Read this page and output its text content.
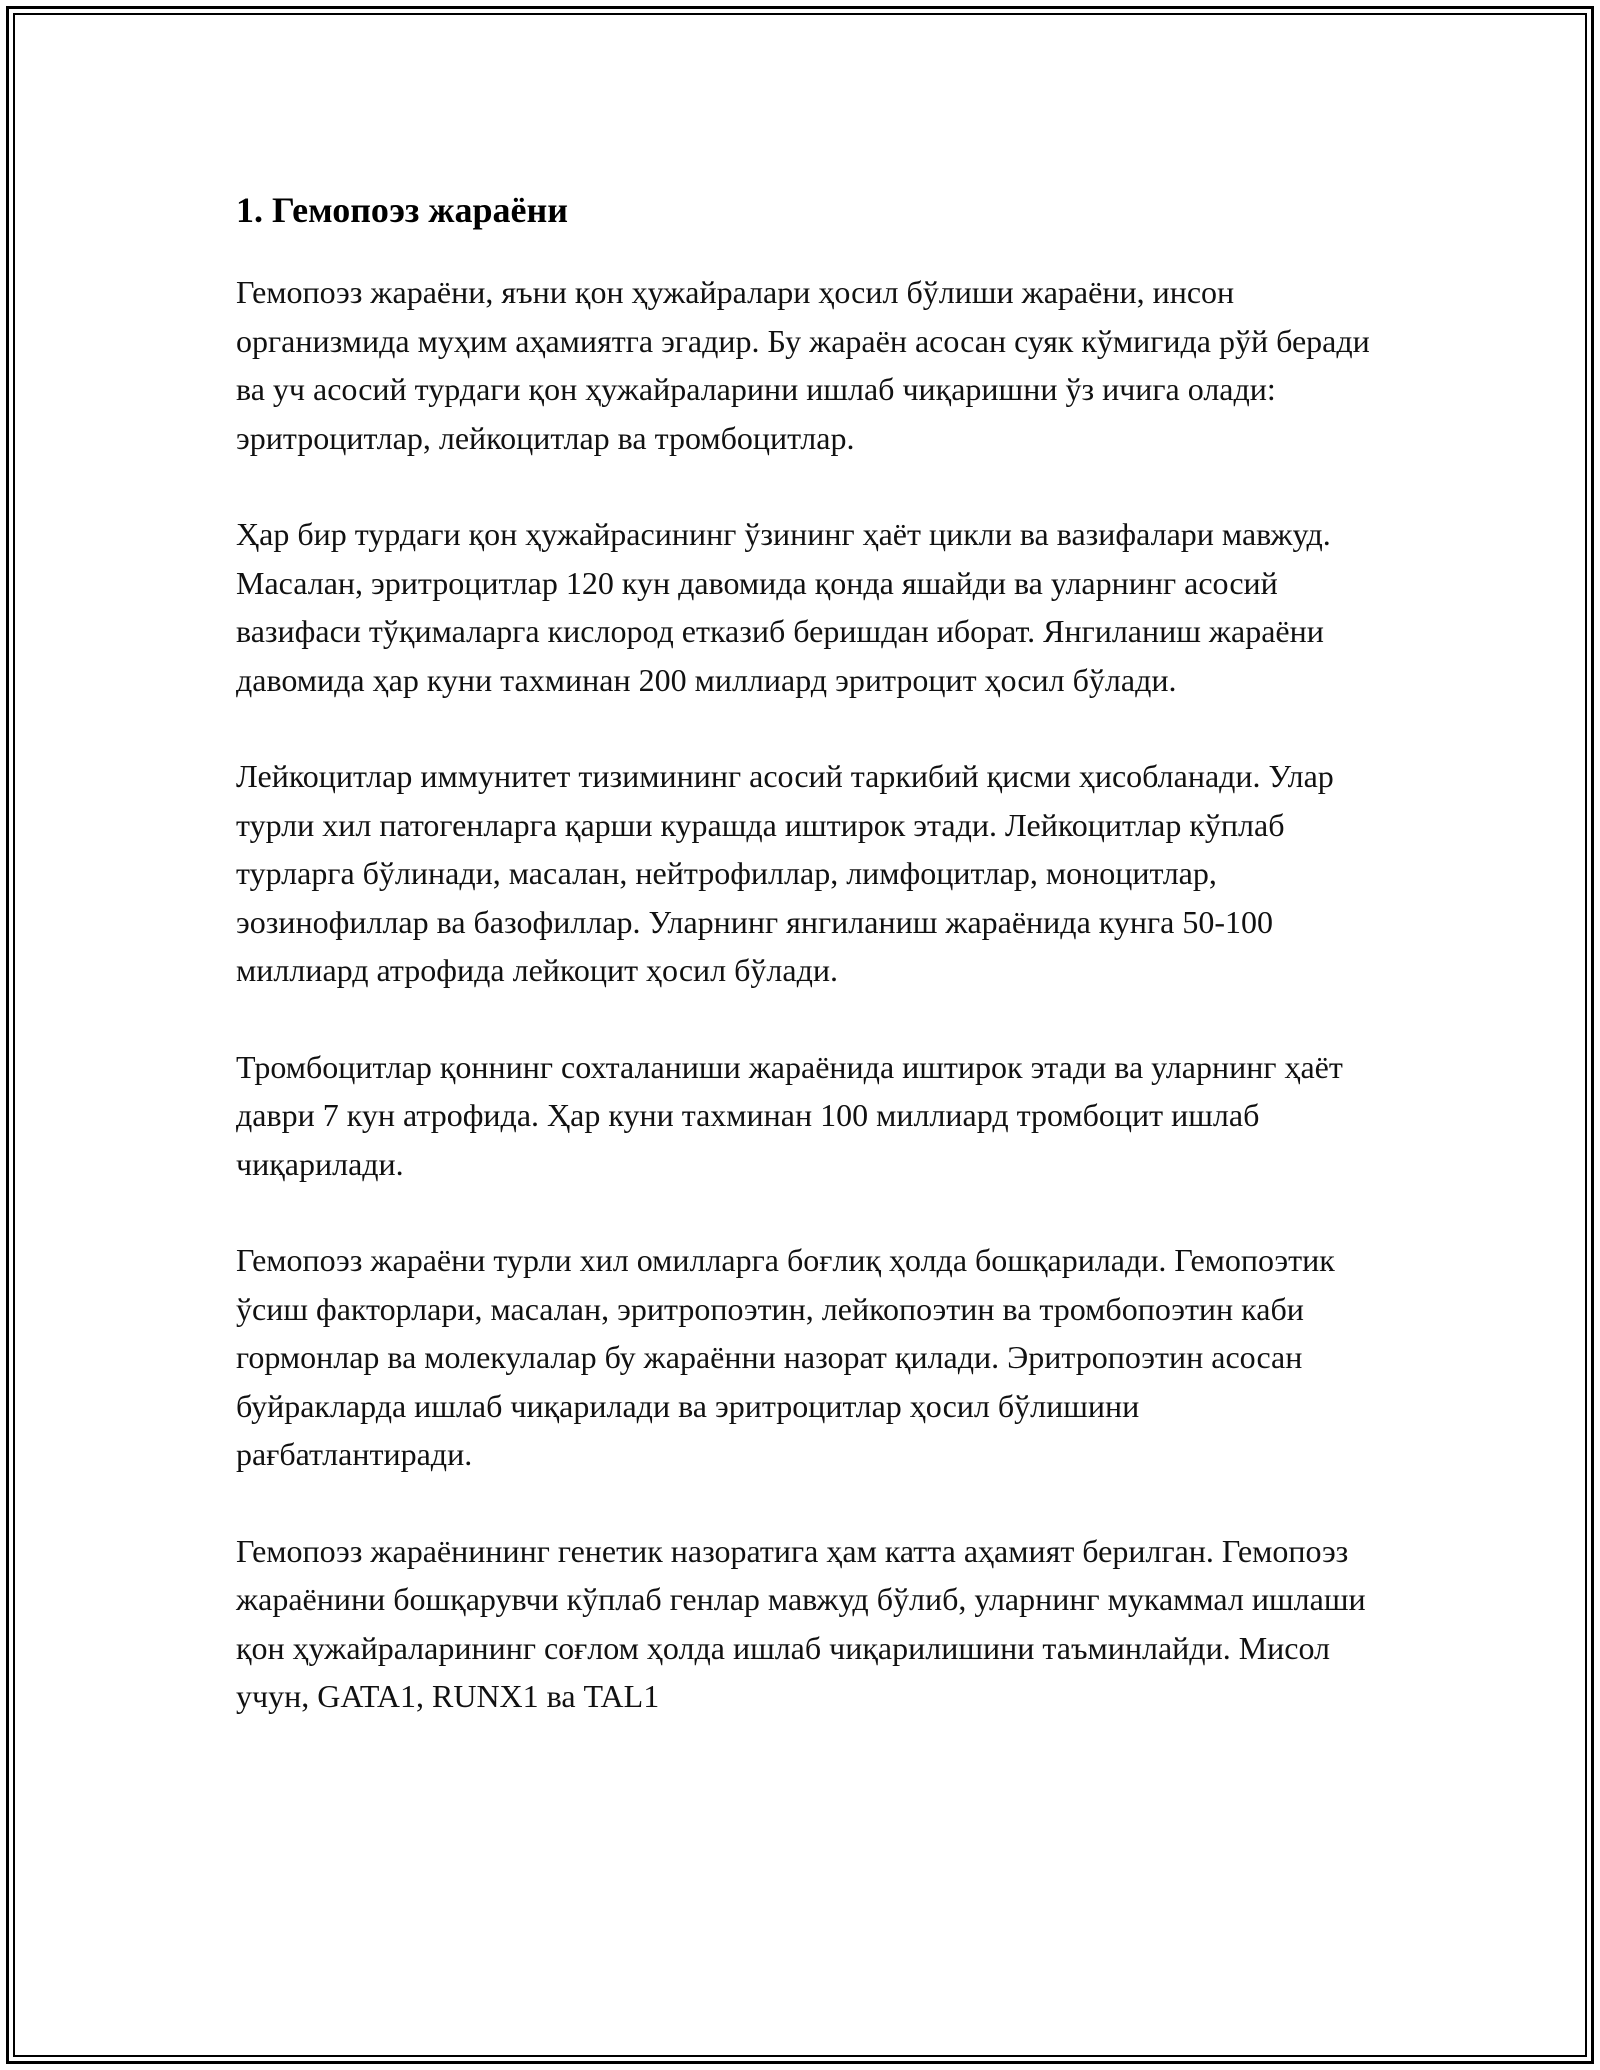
1. Гемопоэз жараёни

Гемопоэз жараёни, яъни қон ҳужайралари ҳосил бўлиши жараёни, инсон организмида муҳим аҳамиятга эгадир. Бу жараён асосан суяк кўмигида рўй беради ва уч асосий турдаги қон ҳужайраларини ишлаб чиқаришни ўз ичига олади: эритроцитлар, лейкоцитлар ва тромбоцитлар.

Ҳар бир турдаги қон ҳужайрасининг ўзининг ҳаёт цикли ва вазифалари мавжуд. Масалан, эритроцитлар 120 кун давомида қонда яшайди ва уларнинг асосий вазифаси тўқималарга кислород етказиб беришдан иборат. Янгиланиш жараёни давомида ҳар куни тахминан 200 миллиард эритроцит ҳосил бўлади.

Лейкоцитлар иммунитет тизимининг асосий таркибий қисми ҳисобланади. Улар турли хил патогенларга қарши курашда иштирок этади. Лейкоцитлар кўплаб турларга бўлинади, масалан, нейтрофиллар, лимфоцитлар, моноцитлар, эозинофиллар ва базофиллар. Уларнинг янгиланиш жараёнида кунга 50-100 миллиард атрофида лейкоцит ҳосил бўлади.

Тромбоцитлар қоннинг сохталаниши жараёнида иштирок этади ва уларнинг ҳаёт даври 7 кун атрофида. Ҳар куни тахминан 100 миллиард тромбоцит ишлаб чиқарилади.

Гемопоэз жараёни турли хил омилларга боғлиқ ҳолда бошқарилади. Гемопоэтик ўсиш факторлари, масалан, эритропоэтин, лейкопоэтин ва тромбопоэтин каби гормонлар ва молекулалар бу жараённи назорат қилади. Эритропоэтин асосан буйракларда ишлаб чиқарилади ва эритроцитлар ҳосил бўлишини рағбатлантиради.

Гемопоэз жараёнининг генетик назоратига ҳам катта аҳамият берилган. Гемопоэз жараёнини бошқарувчи кўплаб генлар мавжуд бўлиб, уларнинг мукаммал ишлаши қон ҳужайраларининг соғлом ҳолда ишлаб чиқарилишини таъминлайди. Мисол учун, GATA1, RUNX1 ва TAL1
